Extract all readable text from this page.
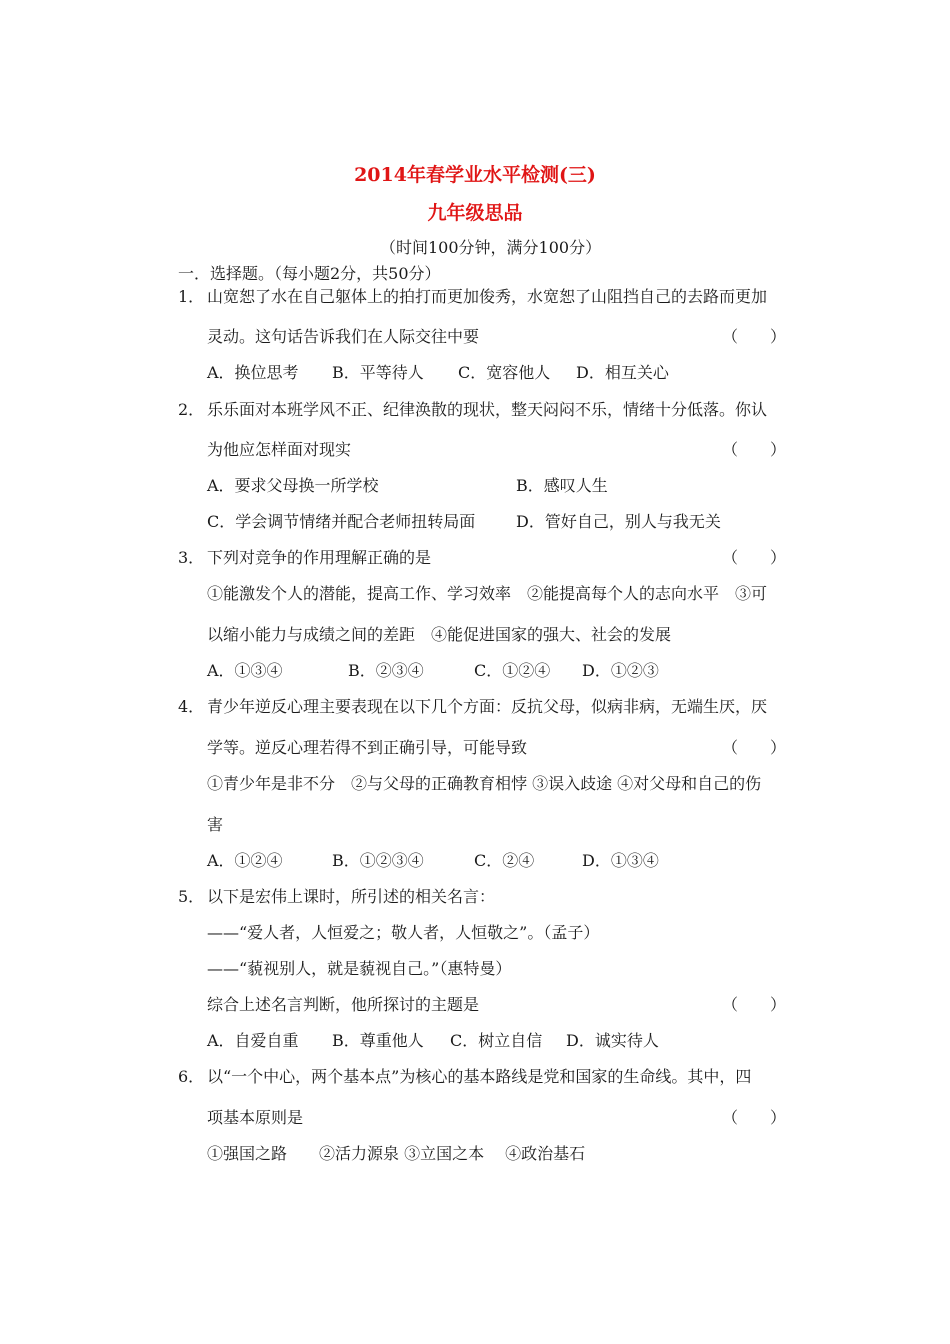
2014年春学业水平检测(三)
九年级思品
（时间100分钟，满分100分）
一．选择题。（每小题2分，共50分）
1． 山宽恕了水在自己躯体上的拍打而更加俊秀，水宽恕了山阻挡自己的去路而更加
灵动。这句话告诉我们在人际交往中要	（　　）
A．换位思考 B．平等待人 C．宽容他人 D．相互关心
2． 乐乐面对本班学风不正、纪律涣散的现状，整天闷闷不乐，情绪十分低落。你认
为他应怎样面对现实	（　　）
A．要求父母换一所学校	B．感叹人生
C．学会调节情绪并配合老师扭转局面	D．管好自己，别人与我无关
3． 下列对竞争的作用理解正确的是	（　　）
①能激发个人的潜能，提高工作、学习效率　②能提高每个人的志向水平　③可
以缩小能力与成绩之间的差距　④能促进国家的强大、社会的发展
A．①③④	B．②③④	C．①②④ D．①②③
4． 青少年逆反心理主要表现在以下几个方面：反抗父母，似病非病，无端生厌，厌
学等。逆反心理若得不到正确引导，可能导致	（　　）
①青少年是非不分　②与父母的正确教育相悖 ③误入歧途 ④对父母和自己的伤
害
A．①②④	B．①②③④	C．②④	D．①③④
5． 以下是宏伟上课时，所引述的相关名言：
——“爱人者，人恒爱之；敬人者，人恒敬之”。（孟子）
——“藐视别人，就是藐视自己。”（惠特曼）
综合上述名言判断，他所探讨的主题是	（　　）
A．自爱自重 B．尊重他人 C．树立自信 D．诚实待人
6． 以“一个中心，两个基本点”为核心的基本路线是党和国家的生命线。其中，四
项基本原则是	（　　）
①强国之路　　②活力源泉 ③立国之本　 ④政治基石
